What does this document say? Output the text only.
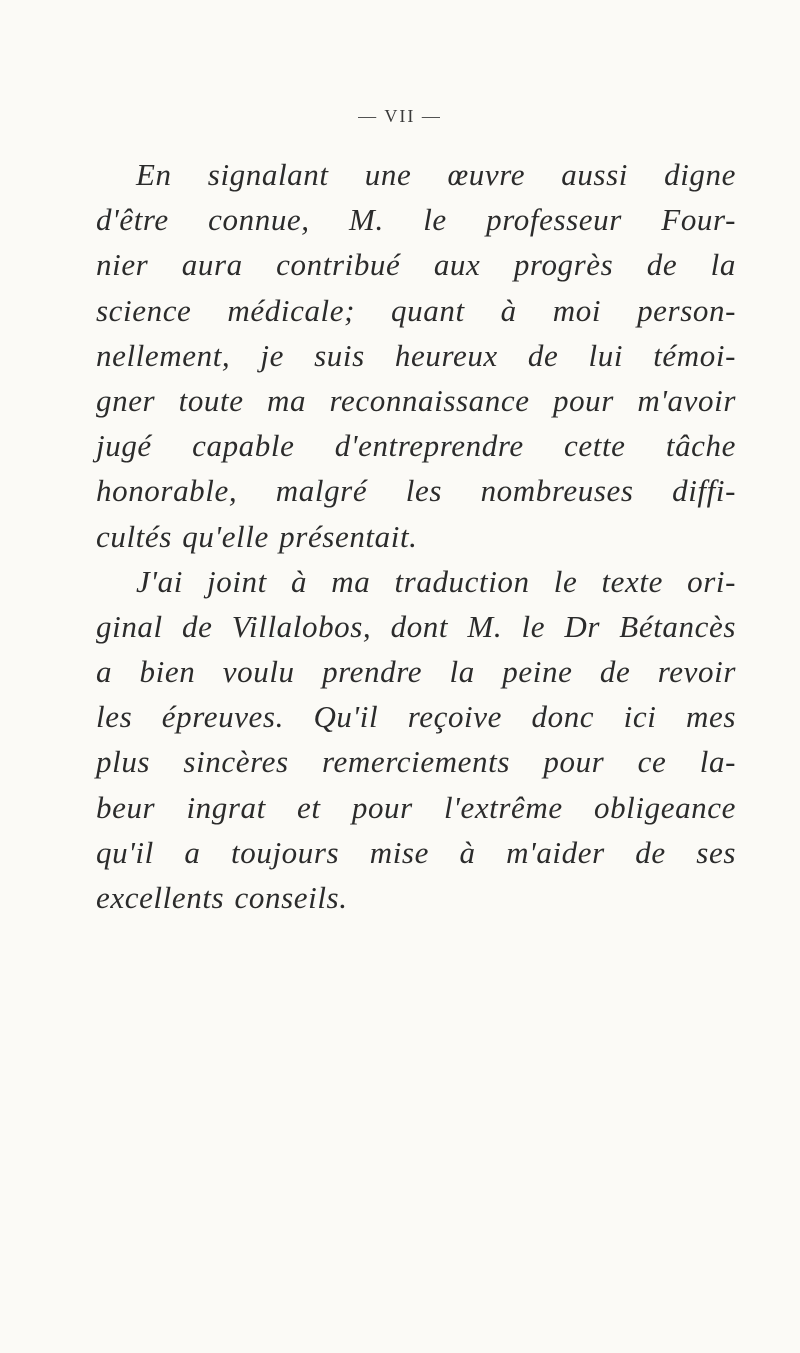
— VII —
En signalant une œuvre aussi digne
d'être connue, M. le professeur Four-
nier aura contribué aux progrès de la
science médicale; quant à moi person-
nellement, je suis heureux de lui témoi-
gner toute ma reconnaissance pour m'avoir
jugé capable d'entreprendre cette tâche
honorable, malgré les nombreuses diffi-
cultés qu'elle présentait.
J'ai joint à ma traduction le texte ori-
ginal de Villalobos, dont M. le Dr Bétancès
a bien voulu prendre la peine de revoir
les épreuves. Qu'il reçoive donc ici mes
plus sincères remerciements pour ce la-
beur ingrat et pour l'extrême obligeance
qu'il a toujours mise à m'aider de ses
excellents conseils.
